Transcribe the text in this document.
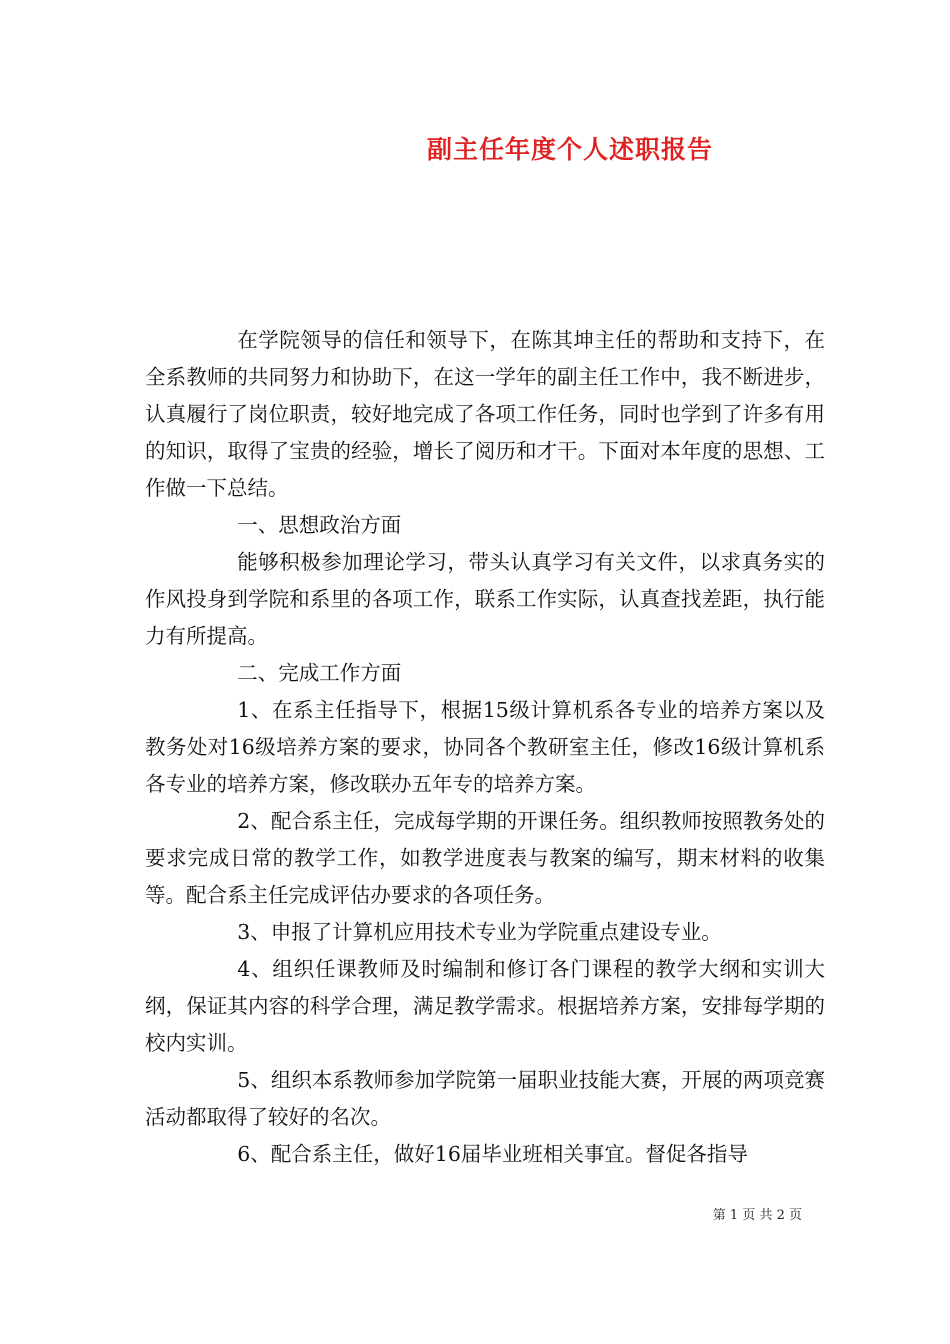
副主任年度个人述职报告

在学院领导的信任和领导下，在陈其坤主任的帮助和支持下，在全系教师的共同努力和协助下，在这一学年的副主任工作中，我不断进步，认真履行了岗位职责，较好地完成了各项工作任务，同时也学到了许多有用的知识，取得了宝贵的经验，增长了阅历和才干。下面对本年度的思想、工作做一下总结。

一、思想政治方面

能够积极参加理论学习，带头认真学习有关文件，以求真务实的作风投身到学院和系里的各项工作，联系工作实际，认真查找差距，执行能力有所提高。

二、完成工作方面

1、在系主任指导下，根据15级计算机系各专业的培养方案以及教务处对16级培养方案的要求，协同各个教研室主任，修改16级计算机系各专业的培养方案，修改联办五年专的培养方案。

2、配合系主任，完成每学期的开课任务。组织教师按照教务处的要求完成日常的教学工作，如教学进度表与教案的编写，期末材料的收集等。配合系主任完成评估办要求的各项任务。

3、申报了计算机应用技术专业为学院重点建设专业。

4、组织任课教师及时编制和修订各门课程的教学大纲和实训大纲，保证其内容的科学合理，满足教学需求。根据培养方案，安排每学期的校内实训。

5、组织本系教师参加学院第一届职业技能大赛，开展的两项竞赛活动都取得了较好的名次。

6、配合系主任，做好16届毕业班相关事宜。督促各指导

第 1 页 共 2 页
